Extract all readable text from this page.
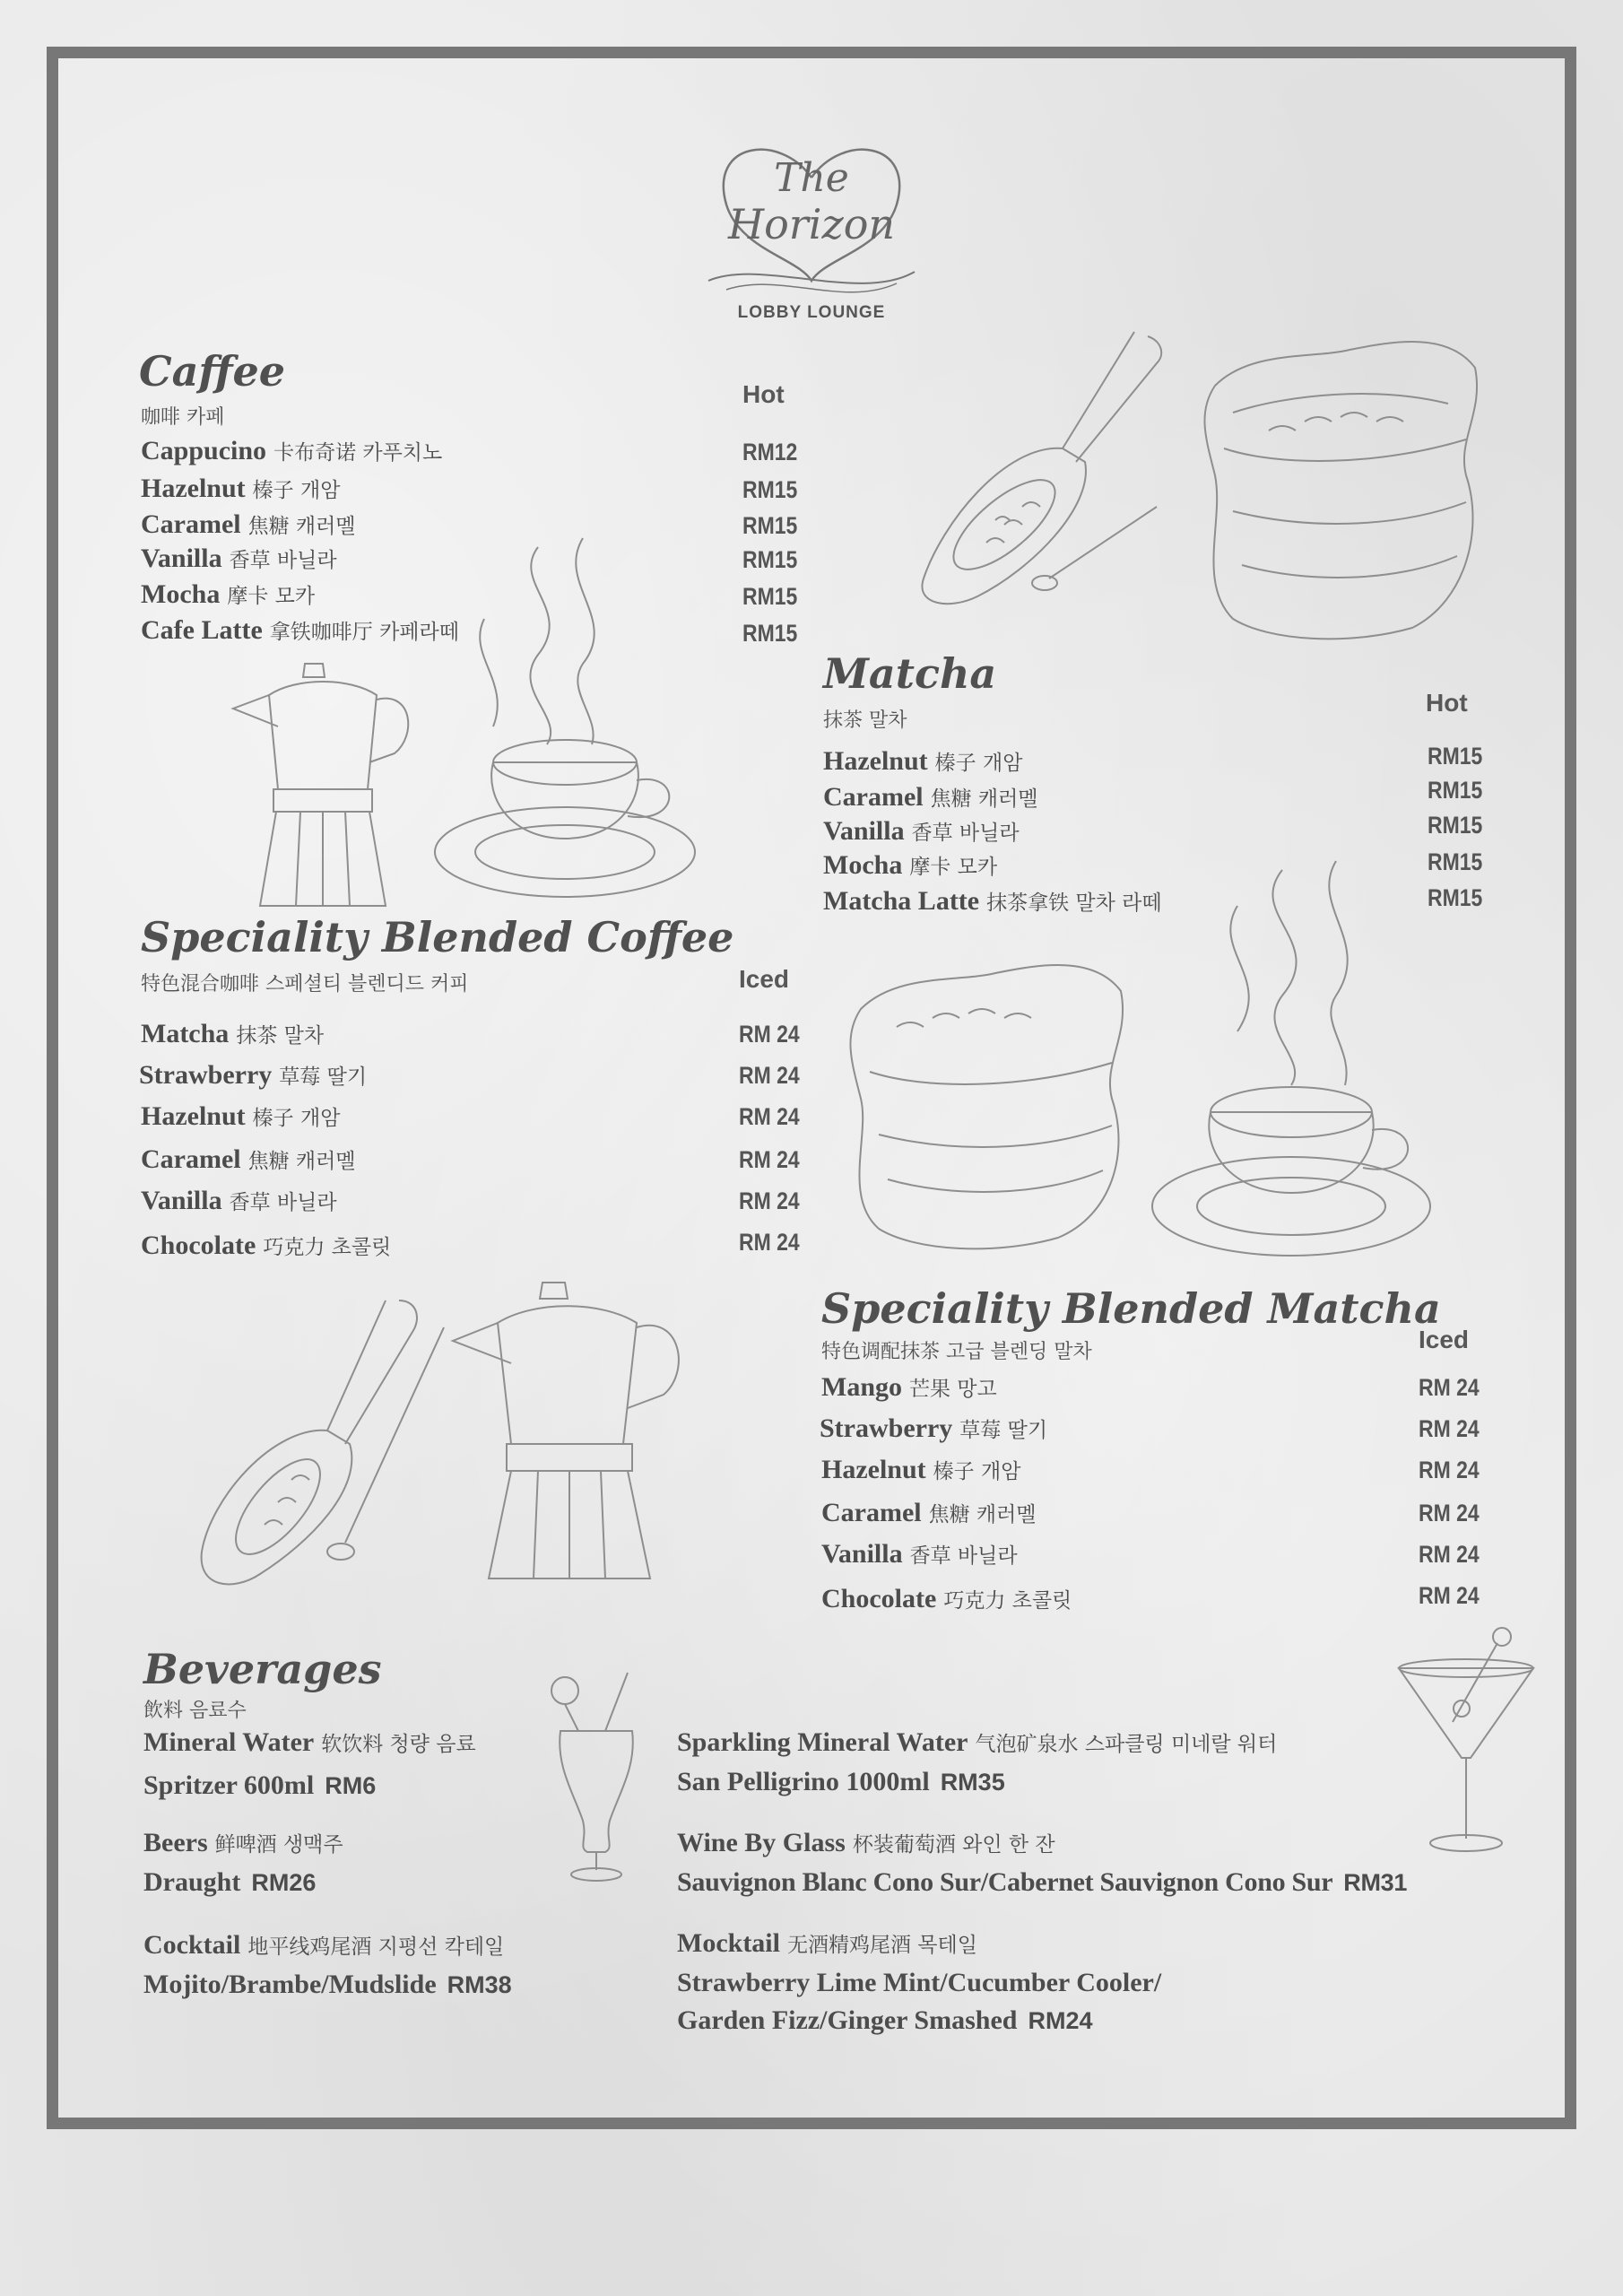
The
Horizon
LOBBY LOUNGE
Caffee
咖啡 카페
Hot
Cappucino 卡布奇诺 카푸치노	RM12
Hazelnut 榛子 개암	RM15
Caramel 焦糖 캐러멜	RM15
Vanilla 香草 바닐라	RM15
Mocha 摩卡 모카	RM15
Cafe Latte 拿铁咖啡厅 카페라떼	RM15
Matcha
抹茶 말차
Hot
Hazelnut 榛子 개암	RM15
Caramel 焦糖 캐러멜	RM15
Vanilla 香草 바닐라	RM15
Mocha 摩卡 모카	RM15
Matcha Latte 抹茶拿铁 말차 라떼	RM15
Speciality Blended Coffee
特色混合咖啡 스페셜티 블렌디드 커피	Iced
Matcha 抹茶 말차	RM 24
Strawberry 草莓 딸기	RM 24
Hazelnut 榛子 개암	RM 24
Caramel 焦糖 캐러멜	RM 24
Vanilla 香草 바닐라	RM 24
Chocolate 巧克力 초콜릿	RM 24
Speciality Blended Matcha
特色调配抹茶 고급 블렌딩 말차	Iced
Mango 芒果 망고	RM 24
Strawberry 草莓 딸기	RM 24
Hazelnut 榛子 개암	RM 24
Caramel 焦糖 캐러멜	RM 24
Vanilla 香草 바닐라	RM 24
Chocolate 巧克力 초콜릿	RM 24
Beverages
飲料 음료수
Mineral Water 软饮料 청량 음료
Spritzer 600ml RM6
Beers 鲜啤酒 생맥주
Draught RM26
Cocktail 地平线鸡尾酒 지평선 칵테일
Mojito/Brambe/Mudslide RM38
Sparkling Mineral Water 气泡矿泉水 스파클링 미네랄 워터
San Pelligrino 1000ml RM35
Wine By Glass 杯装葡萄酒 와인 한 잔
Sauvignon Blanc Cono Sur/Cabernet Sauvignon Cono Sur RM31
Mocktail 无酒精鸡尾酒 목테일
Strawberry Lime Mint/Cucumber Cooler/
Garden Fizz/Ginger Smashed RM24
